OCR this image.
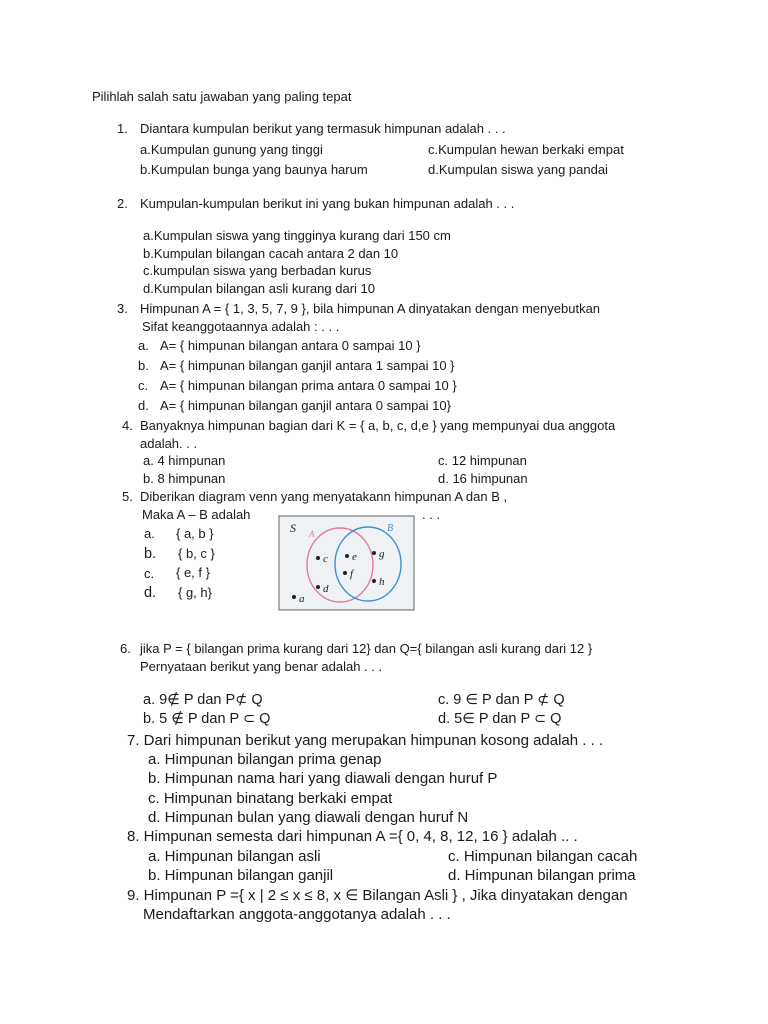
Pilihlah salah satu jawaban yang paling tepat
1. Diantara kumpulan berikut yang termasuk himpunan adalah . . .
a.Kumpulan gunung yang tinggi
b.Kumpulan bunga yang baunya harum
c.Kumpulan hewan berkaki empat
d.Kumpulan siswa yang pandai
2. Kumpulan-kumpulan berikut ini yang bukan himpunan adalah . . .
a.Kumpulan siswa yang tingginya kurang dari 150 cm
b.Kumpulan bilangan cacah antara 2 dan 10
c.kumpulan siswa yang berbadan kurus
d.Kumpulan bilangan asli kurang dari 10
3. Himpunan A = { 1, 3, 5, 7, 9 }, bila himpunan A dinyatakan dengan menyebutkan
Sifat keanggotaannya adalah : . . .
a. A= { himpunan bilangan antara 0 sampai 10 }
b. A= { himpunan bilangan ganjil antara 1 sampai 10 }
c. A= { himpunan bilangan prima antara 0 sampai 10 }
d. A= { himpunan bilangan ganjil antara 0 sampai 10}
4. Banyaknya himpunan bagian dari K = { a, b, c, d,e } yang mempunyai dua anggota
adalah. . .
a. 4 himpunan
b. 8 himpunan
c. 12 himpunan
d. 16 himpunan
5. Diberikan diagram venn yang menyatakann himpunan A dan B ,
Maka A – B adalah	. . .
a. { a, b }
b. { b, c }
c. { e, f }
d. { g, h}
S A	B
a
c
d
e
f
g
h
6. jika P = { bilangan prima kurang dari 12} dan Q={ bilangan asli kurang dari 12 }
Pernyataan berikut yang benar adalah . . .
a. 9∉ P dan P⊄ Q
b. 5 ∉ P dan P ⊂ Q
c. 9 ∈ P dan P ⊄ Q
d. 5∈ P dan P ⊂ Q
7. Dari himpunan berikut yang merupakan himpunan kosong adalah . . .
a. Himpunan bilangan prima genap
b. Himpunan nama hari yang diawali dengan huruf P
c. Himpunan binatang berkaki empat
d. Himpunan bulan yang diawali dengan huruf N
8. Himpunan semesta dari himpunan A ={ 0, 4, 8, 12, 16 } adalah .. .
a. Himpunan bilangan asli
b. Himpunan bilangan ganjil
c. Himpunan bilangan cacah
d. Himpunan bilangan prima
9. Himpunan P ={ x | 2 ≤ x ≤ 8, x ∈ Bilangan Asli } , Jika dinyatakan dengan
Mendaftarkan anggota-anggotanya adalah . . .
